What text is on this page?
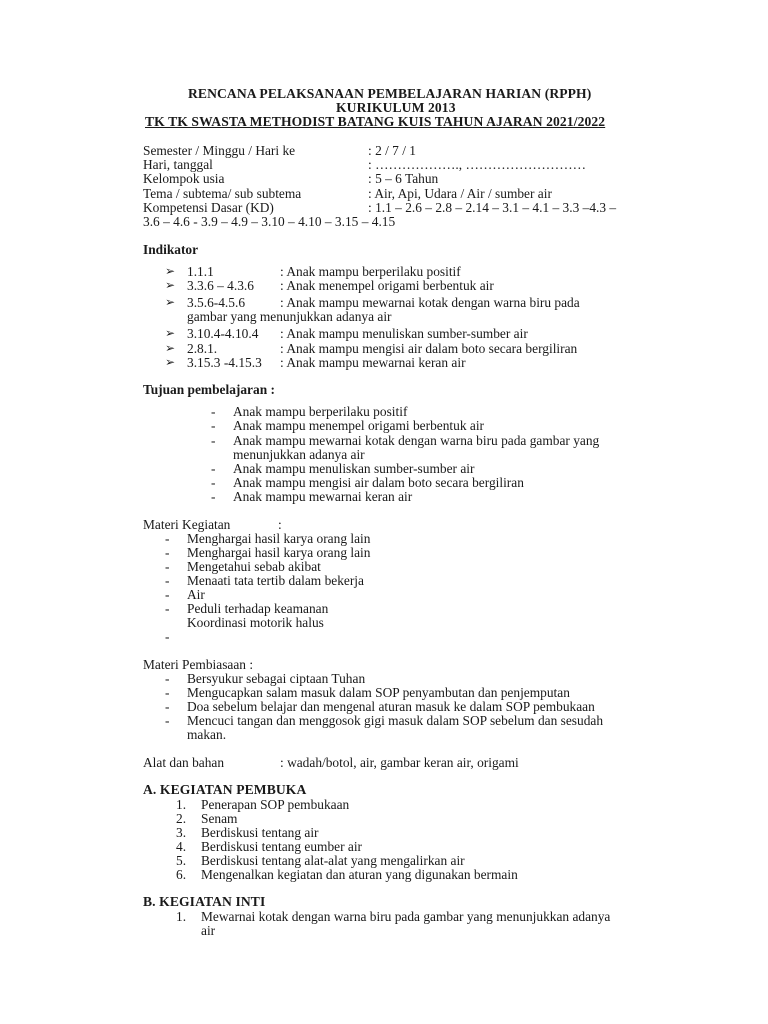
RENCANA PELAKSANAAN PEMBELAJARAN HARIAN (RPPH)
KURIKULUM 2013
TK TK SWASTA METHODIST BATANG KUIS TAHUN AJARAN 2021/2022
Semester / Minggu / Hari ke	: 2 / 7 / 1
Hari, tanggal	: ………………., ………………………
Kelompok usia	: 5 – 6 Tahun
Tema / subtema/ sub subtema	: Air, Api, Udara / Air / sumber air
Kompetensi Dasar (KD)	: 1.1 – 2.6 – 2.8 – 2.14 – 3.1 – 4.1 – 3.3 –4.3 –
3.6 – 4.6 - 3.9 – 4.9 – 3.10 – 4.10 – 3.15 – 4.15
Indikator
➢ 1.1.1	: Anak mampu berperilaku positif
➢ 3.3.6 – 4.3.6 : Anak menempel origami berbentuk air
➢ 3.5.6-4.5.6	: Anak mampu mewarnai kotak dengan warna biru pada
gambar yang menunjukkan adanya air
➢ 3.10.4-4.10.4 : Anak mampu menuliskan sumber-sumber air
➢ 2.8.1.	: Anak mampu mengisi air dalam boto secara bergiliran
➢ 3.15.3 -4.15.3 : Anak mampu mewarnai keran air
Tujuan pembelajaran :
- Anak mampu berperilaku positif
- Anak mampu menempel origami berbentuk air
- Anak mampu mewarnai kotak dengan warna biru pada gambar yang
menunjukkan adanya air
- Anak mampu menuliskan sumber-sumber air
- Anak mampu mengisi air dalam boto secara bergiliran
- Anak mampu mewarnai keran air
Materi Kegiatan	:
- Menghargai hasil karya orang lain
- Menghargai hasil karya orang lain
- Mengetahui sebab akibat
- Menaati tata tertib dalam bekerja
- Air
- Peduli terhadap keamanan
Koordinasi motorik halus
-
Materi Pembiasaan :
- Bersyukur sebagai ciptaan Tuhan
- Mengucapkan salam masuk dalam SOP penyambutan dan penjemputan
- Doa sebelum belajar dan mengenal aturan masuk ke dalam SOP pembukaan
- Mencuci tangan dan menggosok gigi masuk dalam SOP sebelum dan sesudah
makan.
Alat dan bahan	: wadah/botol, air, gambar keran air, origami
A. KEGIATAN PEMBUKA
1. Penerapan SOP pembukaan
2. Senam
3. Berdiskusi tentang air
4. Berdiskusi tentang eumber air
5. Berdiskusi tentang alat-alat yang mengalirkan air
6. Mengenalkan kegiatan dan aturan yang digunakan bermain
B. KEGIATAN INTI
1. Mewarnai kotak dengan warna biru pada gambar yang menunjukkan adanya
air
